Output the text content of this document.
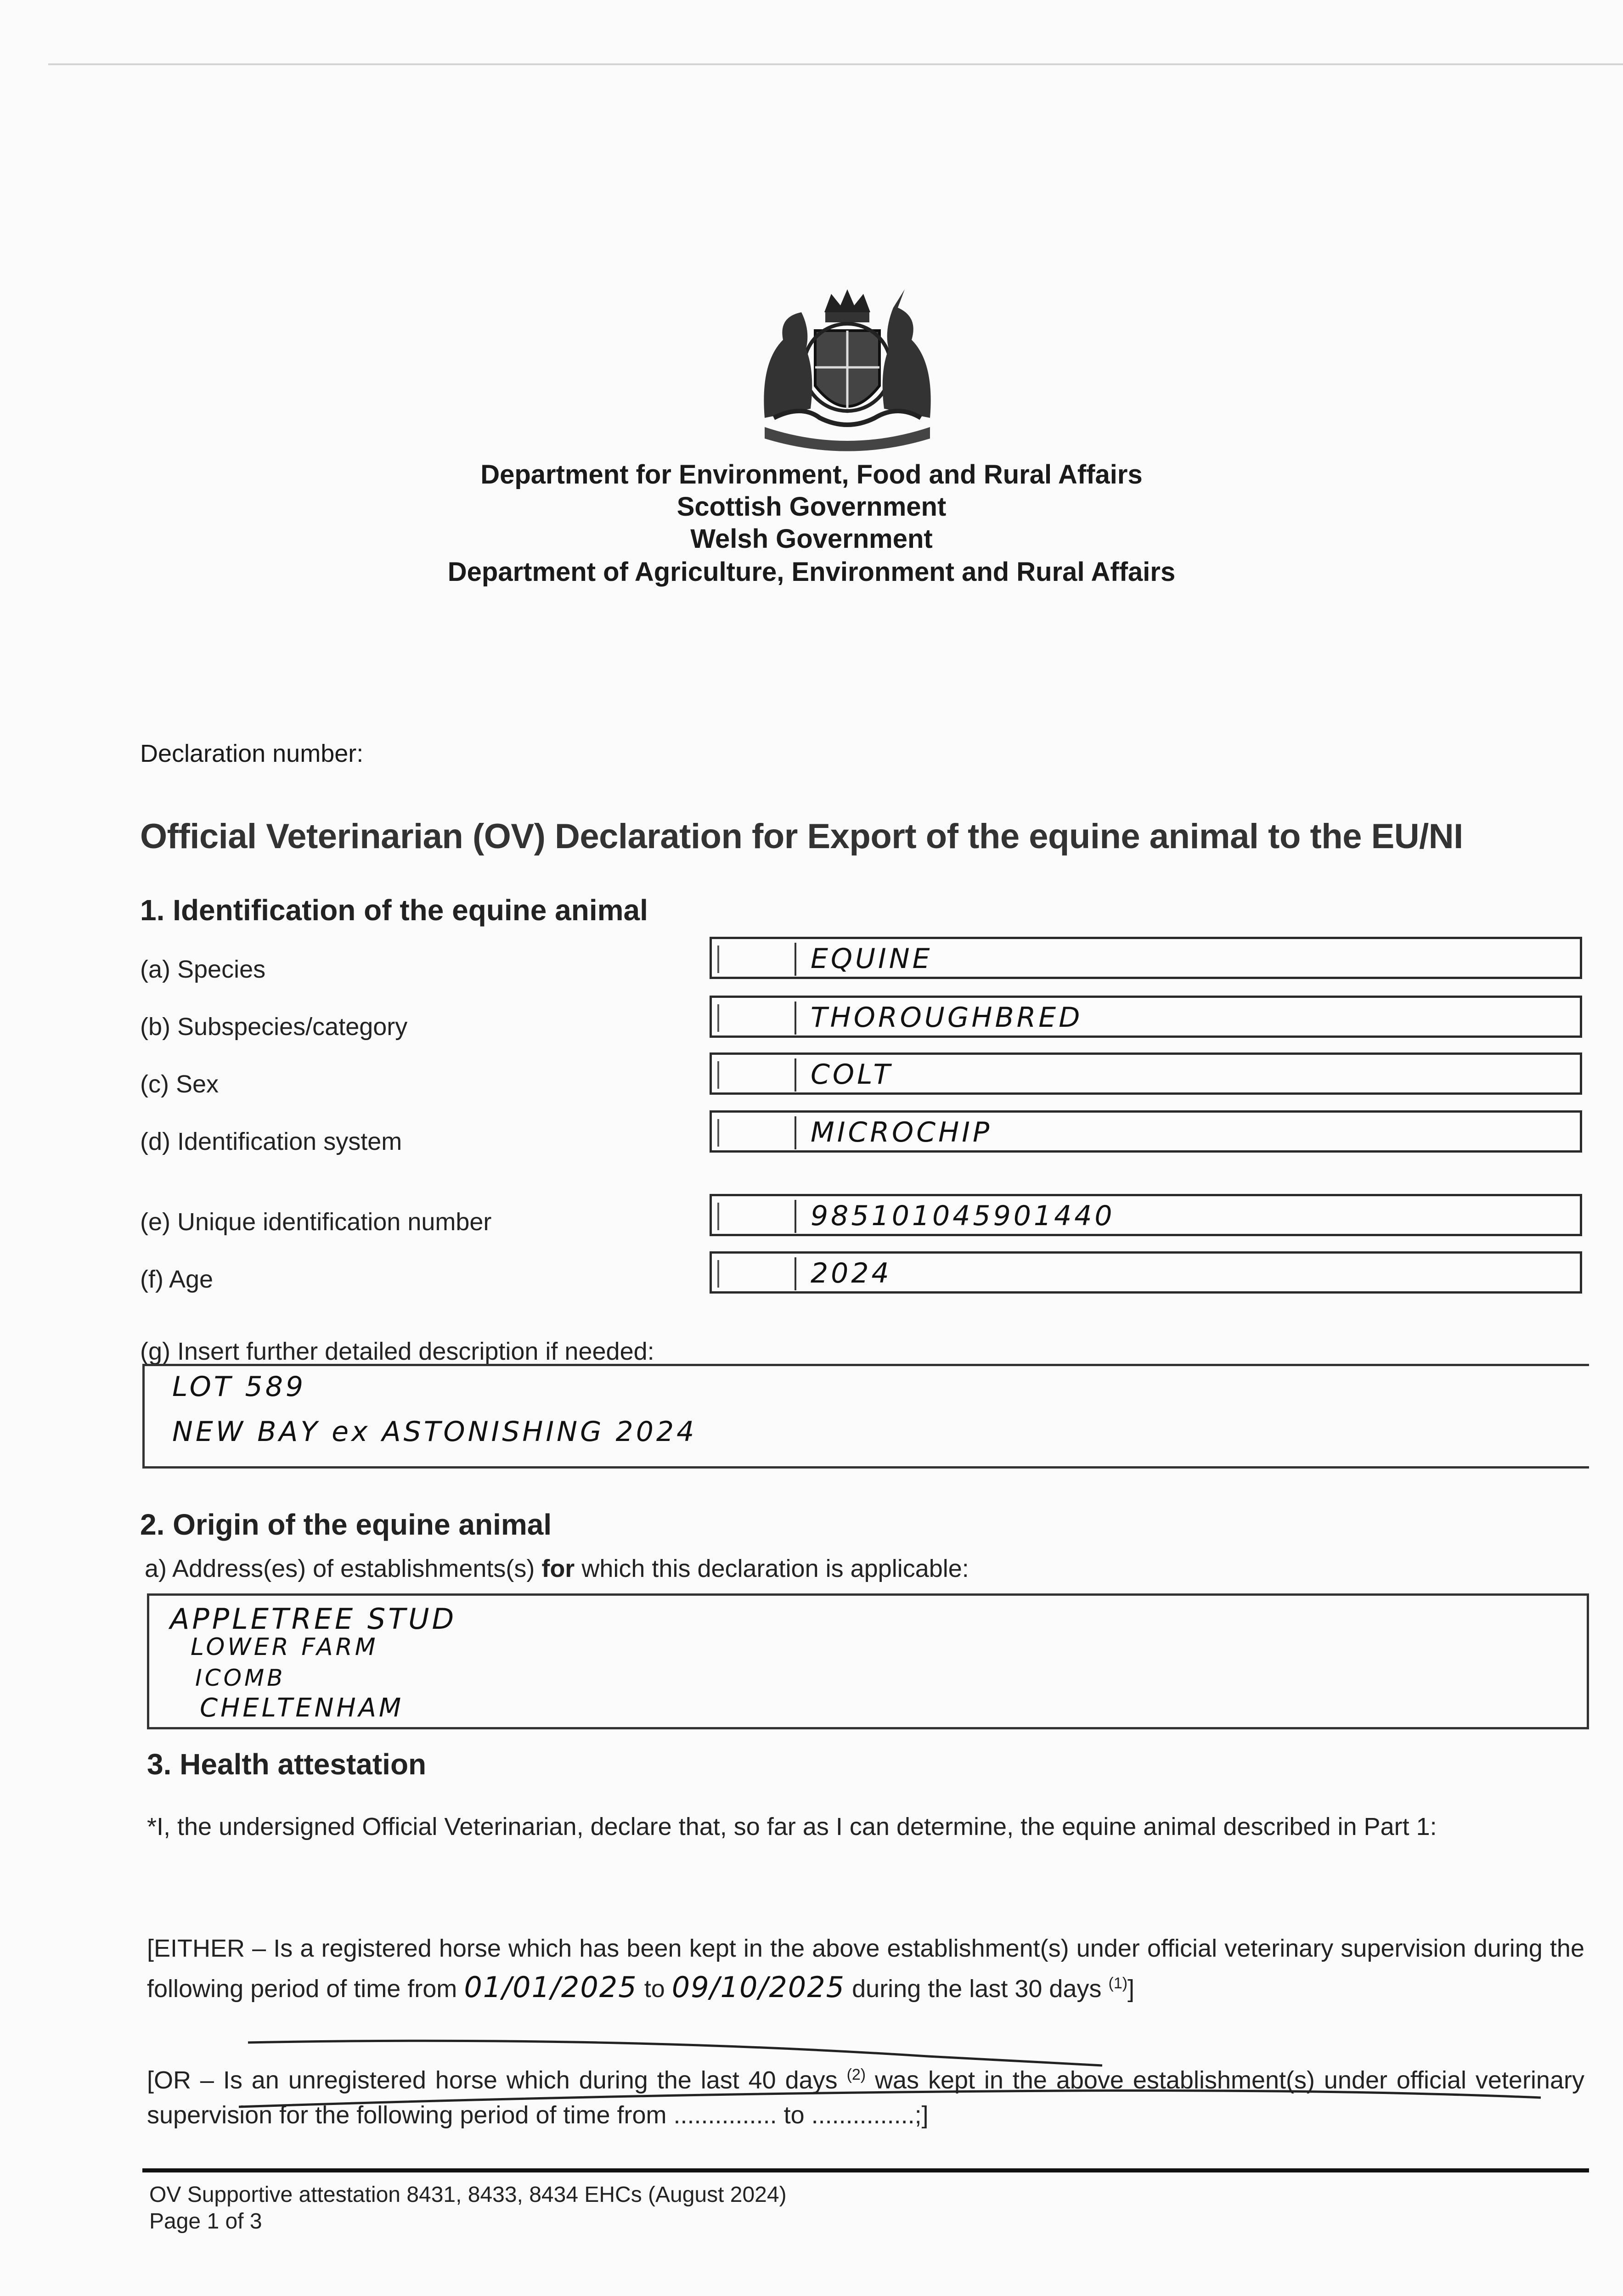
Department for Environment, Food and Rural Affairs
Scottish Government
Welsh Government
Department of Agriculture, Environment and Rural Affairs
Declaration number:
Official Veterinarian (OV) Declaration for Export of the equine animal to the EU/NI
1. Identification of the equine animal
(a) Species	EQUINE
(b) Subspecies/category	THOROUGHBRED
(c) Sex	COLT
(d) Identification system	MICROCHIP
(e) Unique identification number	985101045901440
(f) Age	2024
(g) Insert further detailed description if needed:
LOT 589
NEW BAY ex ASTONISHING 2024
2. Origin of the equine animal
a) Address(es) of establishments(s) for which this declaration is applicable:
APPLETREE STUD
LOWER FARM
ICOMB
CHELTENHAM
3. Health attestation
*I, the undersigned Official Veterinarian, declare that, so far as I can determine, the equine animal described in Part 1:
[EITHER – Is a registered horse which has been kept in the above establishment(s) under official veterinary supervision during the following period of time from 01/01/2025 to 09/10/2025 during the last 30 days $^{(1)}$]
[OR – Is an unregistered horse which during the last 40 days $^{(2)}$ was kept in the above establishment(s) under official veterinary supervision for the following period of time from ............... to ...............;]
OV Supportive attestation 8431, 8433, 8434 EHCs (August 2024)
Page 1 of 3
